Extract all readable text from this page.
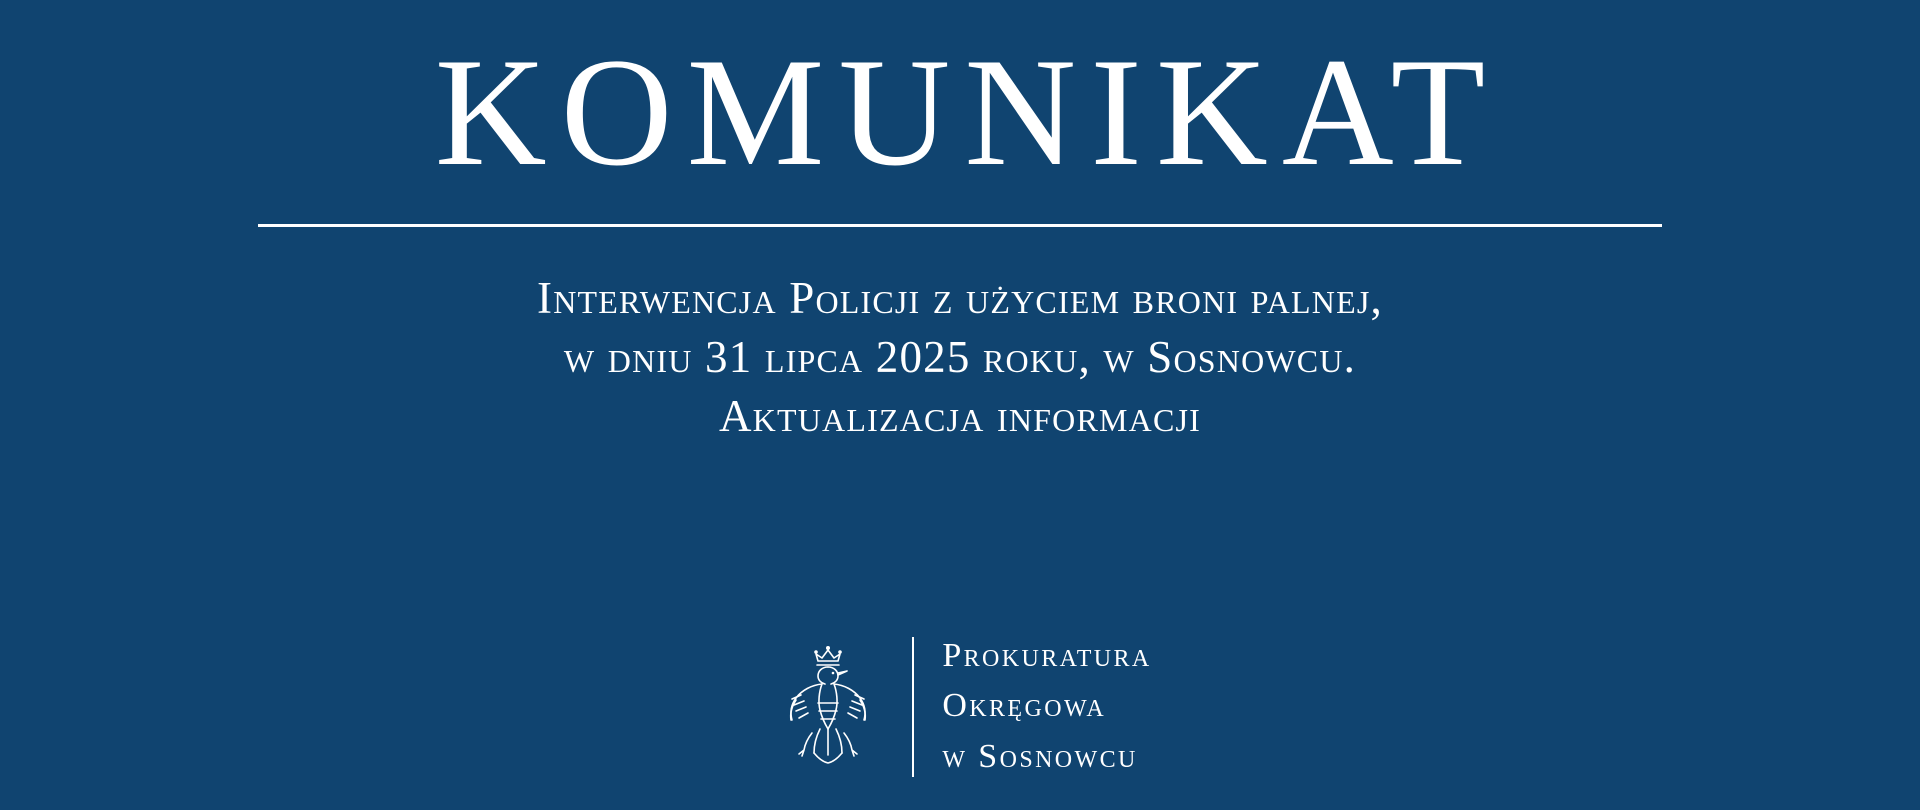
KOMUNIKAT
Interwencja Policji z użyciem broni palnej,
w dniu 31 lipca 2025 roku, w Sosnowcu.
Aktualizacja informacji
Prokuratura
Okręgowa
w Sosnowcu
